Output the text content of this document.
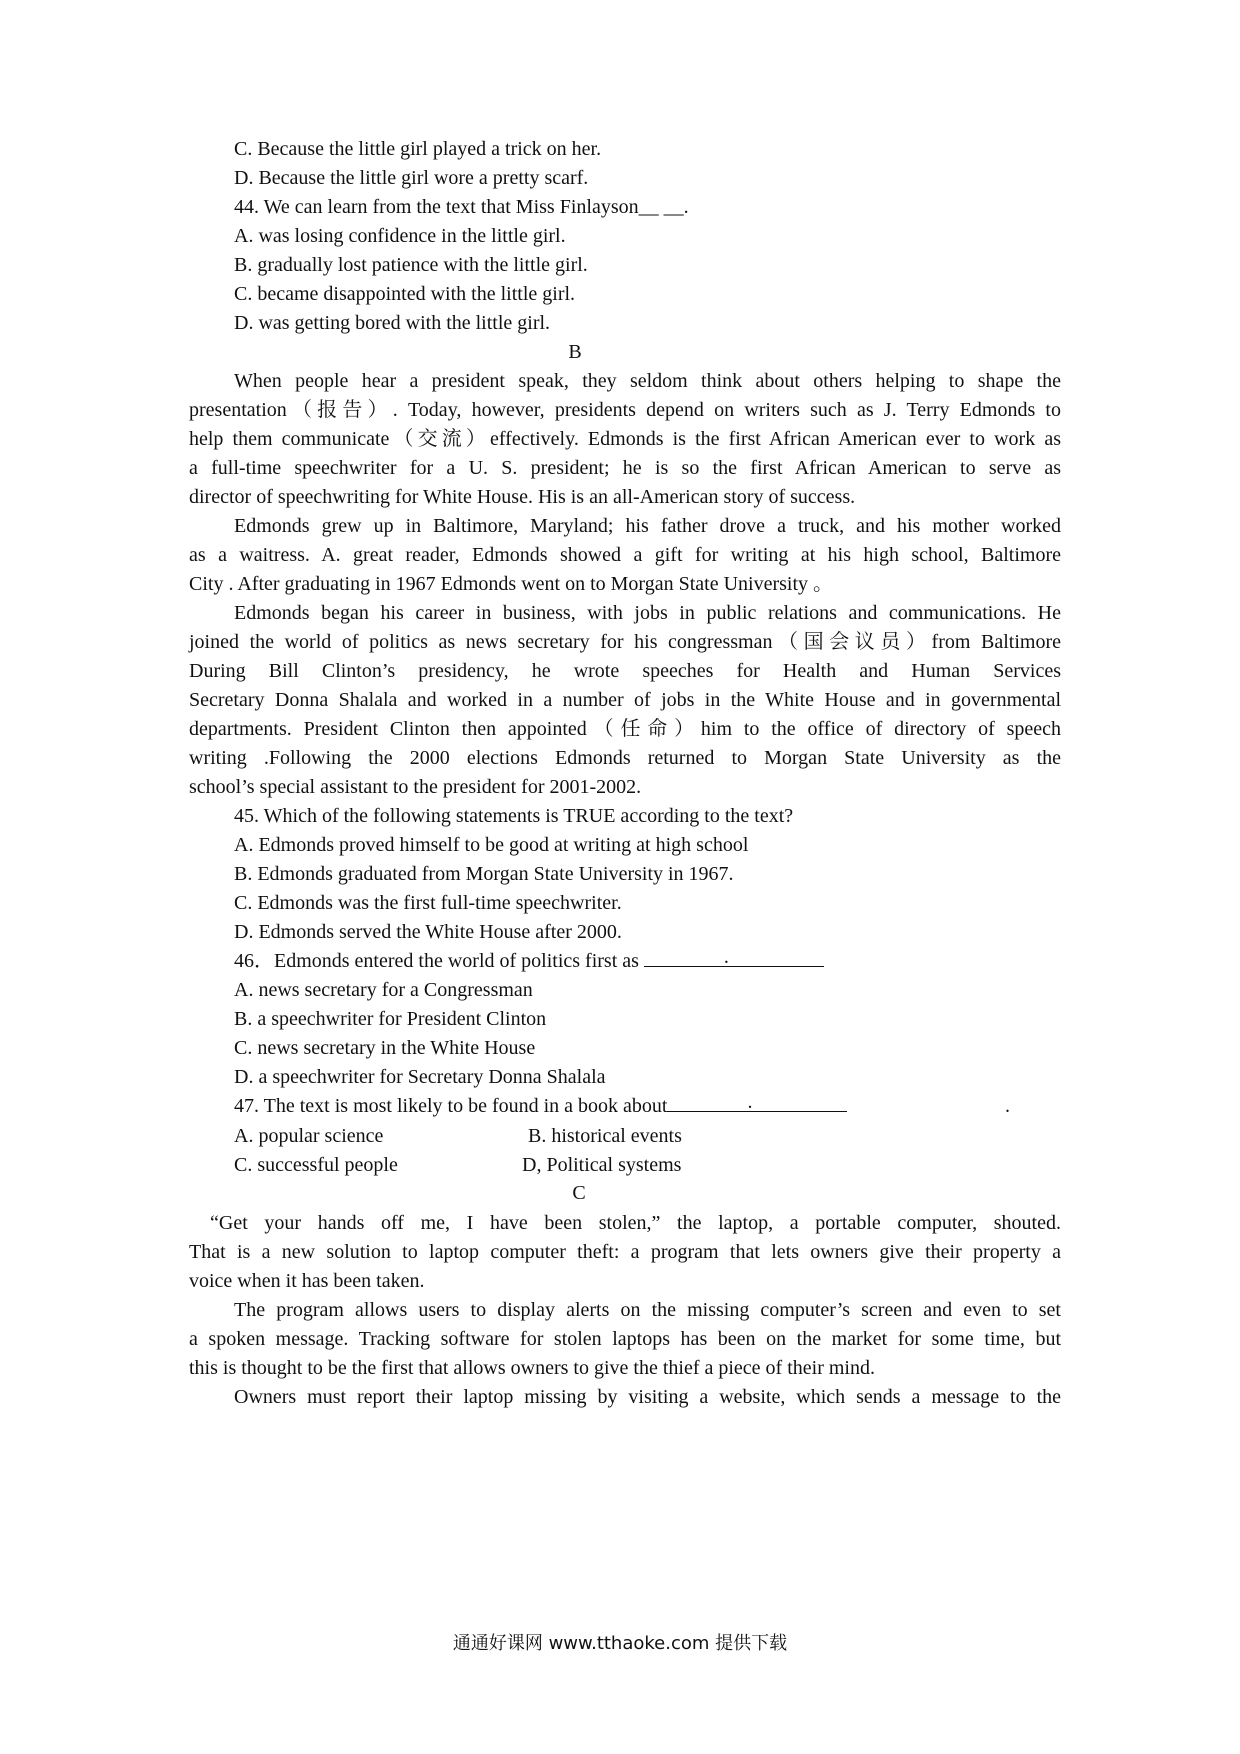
C. Because the little girl played a trick on her.
D. Because the little girl wore a pretty scarf.
44. We can learn from the text that Miss Finlayson__ __.
A. was losing confidence in the little girl.
B. gradually lost patience with the little girl.
C. became disappointed with the little girl.
D. was getting bored with the little girl.
B
When people hear a president speak, they seldom think about others helping to shape the
presentation（报告）. Today, however, presidents depend on writers such as J. Terry Edmonds to
help them communicate（交流）effectively. Edmonds is the first African American ever to work as
a full-time speechwriter for a U. S. president; he is so the first African American to serve as
director of speechwriting for White House. His is an all-American story of success.
Edmonds grew up in Baltimore, Maryland; his father drove a truck, and his mother worked
as a waitress. A. great reader, Edmonds showed a gift for writing at his high school, Baltimore
City . After graduating in 1967 Edmonds went on to Morgan State University 。
Edmonds began his career in business, with jobs in public relations and communications. He
joined the world of politics as news secretary for his congressman（国会议员）from Baltimore
During Bill Clinton’s presidency, he wrote speeches for Health and Human Services
Secretary Donna Shalala and worked in a number of jobs in the White House and in governmental
departments. President Clinton then appointed（任命）him to the office of directory of speech
writing .Following the 2000 elections Edmonds returned to Morgan State University as the
school’s special assistant to the president for 2001-2002.
45. Which of the following statements is TRUE according to the text?
A. Edmonds proved himself to be good at writing at high school
B. Edmonds graduated from Morgan State University in 1967.
C. Edmonds was the first full-time speechwriter.
D. Edmonds served the White House after 2000.
46．Edmonds entered the world of politics first as	.
A. news secretary for a Congressman
B. a speechwriter for President Clinton
C. news secretary in the White House
D. a speechwriter for Secretary Donna Shalala
47. The text is most likely to be found in a book about	.	.
A. popular science	B. historical events
C. successful people	D, Political systems
C
“Get your hands off me, I have been stolen,” the laptop, a portable computer, shouted.
That is a new solution to laptop computer theft: a program that lets owners give their property a
voice when it has been taken.
The program allows users to display alerts on the missing computer’s screen and even to set
a spoken message. Tracking software for stolen laptops has been on the market for some time, but
this is thought to be the first that allows owners to give the thief a piece of their mind.
Owners must report their laptop missing by visiting a website, which sends a message to the
通通好课网 www.tthaoke.com 提供下载
